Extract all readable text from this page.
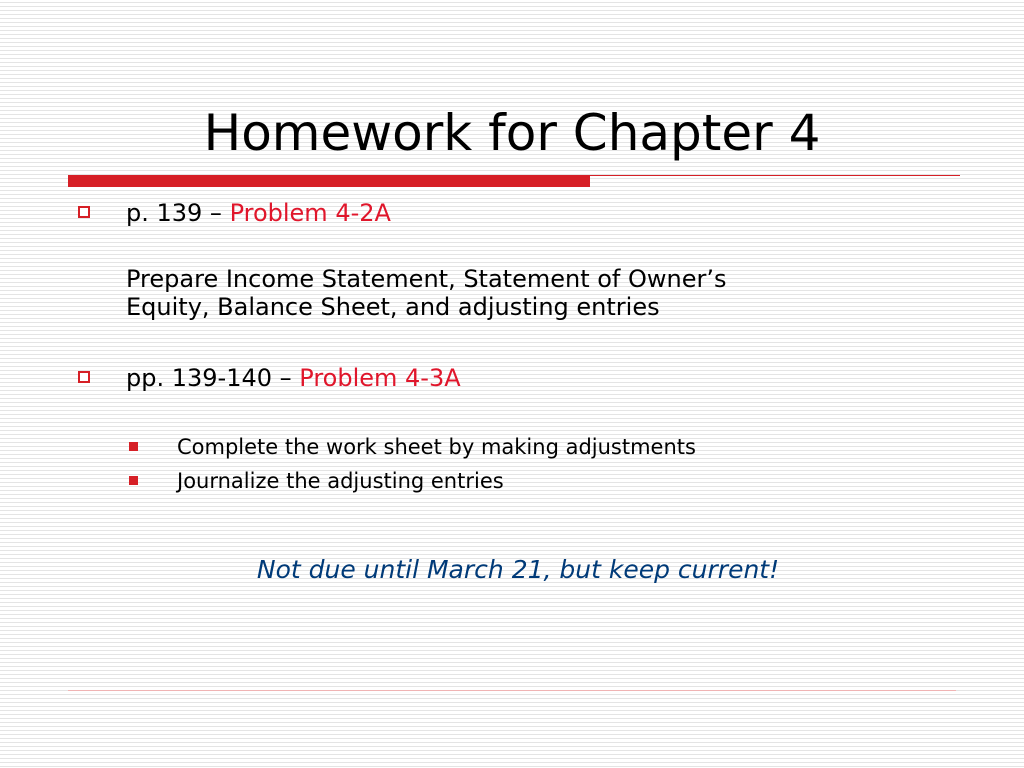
Homework for Chapter 4
p. 139 – Problem 4-2A
Prepare Income Statement, Statement of Owner’s
Equity, Balance Sheet, and adjusting entries
pp. 139-140 – Problem 4-3A
Complete the work sheet by making adjustments
Journalize the adjusting entries
Not due until March 21, but keep current!
